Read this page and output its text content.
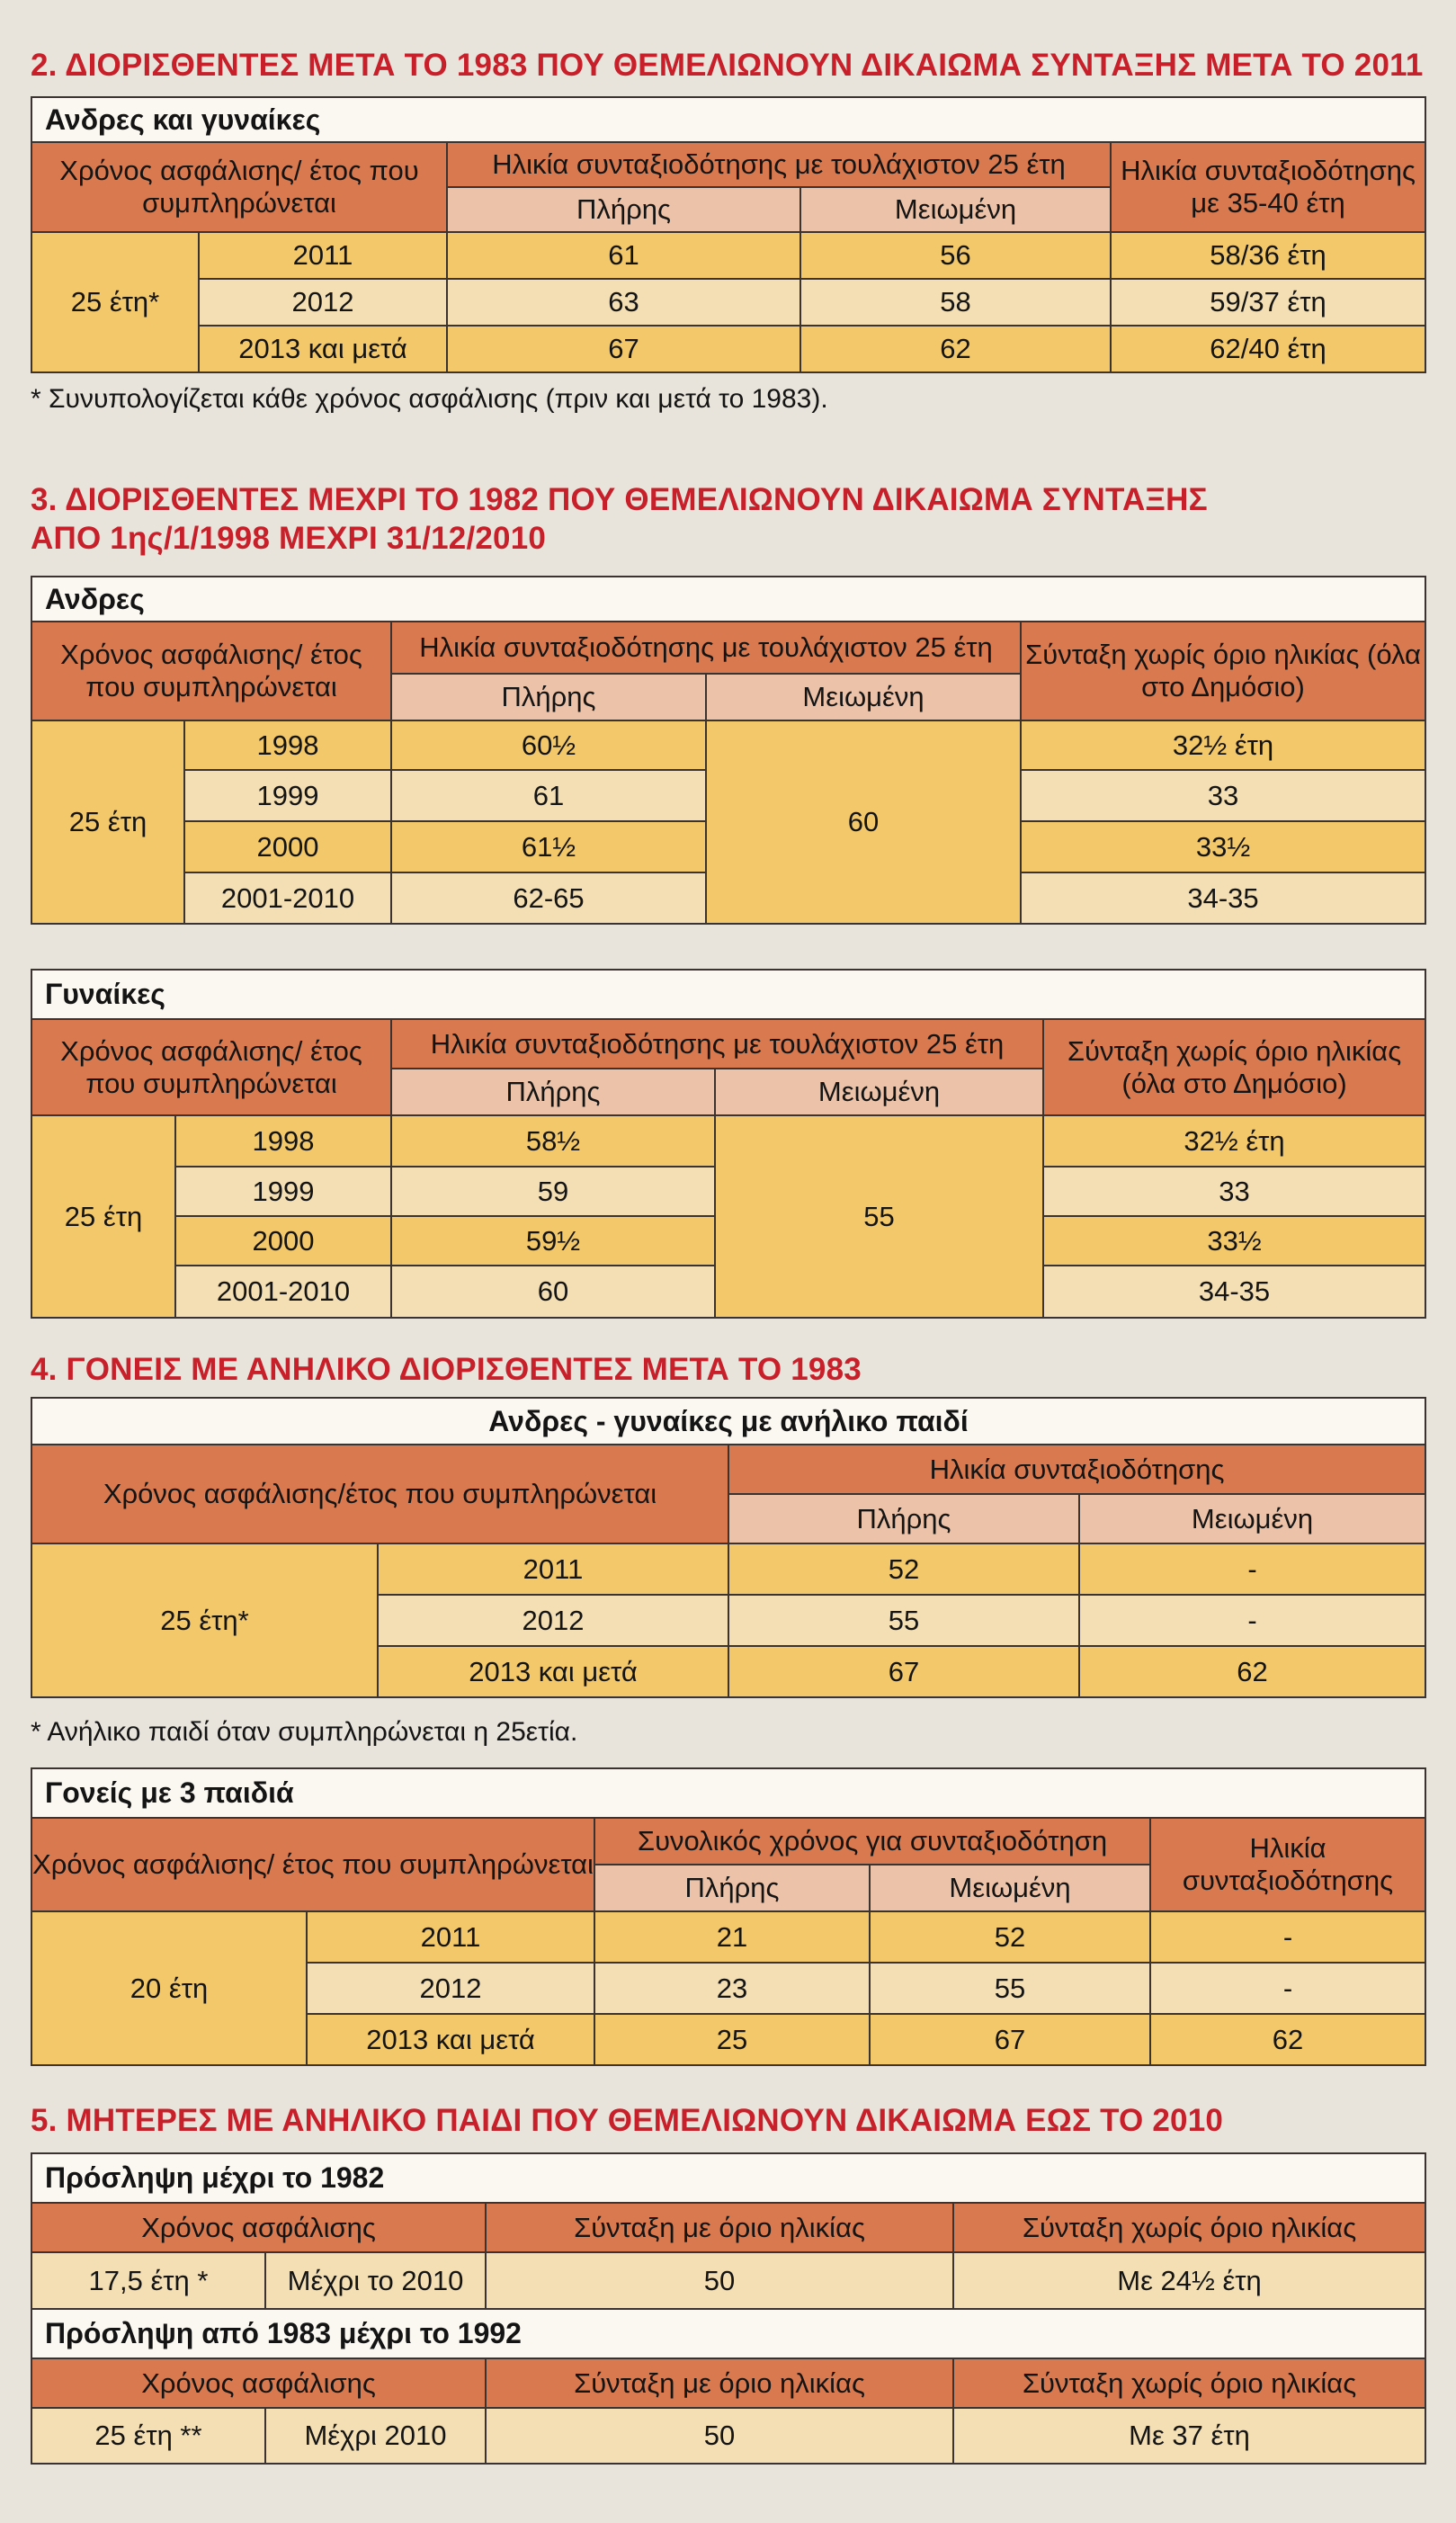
2. ΔΙΟΡΙΣΘΕΝΤΕΣ ΜΕΤΑ ΤΟ 1983 ΠΟΥ ΘΕΜΕΛΙΩΝΟΥΝ ΔΙΚΑΙΩΜΑ ΣΥΝΤΑΞΗΣ ΜΕΤΑ ΤΟ 2011
Ανδρες και γυναίκες				
Χρόνος ασφάλισης/ έτος που συμπληρώνεται		Ηλικία συνταξιοδότησης με τουλάχιστον 25 έτη		Ηλικία συνταξιοδότησης με 35-40 έτη
		Πλήρης	Μειωμένη	
25 έτη*	2011	61	56	58/36 έτη
	2012	63	58	59/37 έτη
	2013 και μετά	67	62	62/40 έτη
* Συνυπολογίζεται κάθε χρόνος ασφάλισης (πριν και μετά το 1983).
3. ΔΙΟΡΙΣΘΕΝΤΕΣ ΜΕΧΡΙ ΤΟ 1982 ΠΟΥ ΘΕΜΕΛΙΩΝΟΥΝ ΔΙΚΑΙΩΜΑ ΣΥΝΤΑΞΗΣ
ΑΠΟ 1ης/1/1998 ΜΕΧΡΙ 31/12/2010
Ανδρες				
Χρόνος ασφάλισης/ έτος που συμπληρώνεται		Ηλικία συνταξιοδότησης με τουλάχιστον 25 έτη		Σύνταξη χωρίς όριο ηλικίας (όλα στο Δημόσιο)
		Πλήρης	Μειωμένη	
25 έτη	1998	60½	60	32½ έτη
	1999	61		33
	2000	61½		33½
	2001-2010	62-65		34-35
Γυναίκες				
Χρόνος ασφάλισης/ έτος που συμπληρώνεται		Ηλικία συνταξιοδότησης με τουλάχιστον 25 έτη		Σύνταξη χωρίς όριο ηλικίας (όλα στο Δημόσιο)
		Πλήρης	Μειωμένη	
25 έτη	1998	58½	55	32½ έτη
	1999	59		33
	2000	59½		33½
	2001-2010	60		34-35
4. ΓΟΝΕΙΣ ΜΕ ΑΝΗΛΙΚΟ ΔΙΟΡΙΣΘΕΝΤΕΣ ΜΕΤΑ ΤΟ 1983
Ανδρες - γυναίκες με ανήλικο παιδί			
Χρόνος ασφάλισης/έτος που συμπληρώνεται		Ηλικία συνταξιοδότησης	
		Πλήρης	Μειωμένη
25 έτη*	2011	52	-
	2012	55	-
	2013 και μετά	67	62
* Ανήλικο παιδί όταν συμπληρώνεται η 25ετία.
Γονείς με 3 παιδιά				
Χρόνος ασφάλισης/ έτος που συμπληρώνεται		Συνολικός χρόνος για συνταξιοδότηση		Ηλικία συνταξιοδότησης
		Πλήρης	Μειωμένη	
20 έτη	2011	21	52	-
	2012	23	55	-
	2013 και μετά	25	67	62
5. ΜΗΤΕΡΕΣ ΜΕ ΑΝΗΛΙΚΟ ΠΑΙΔΙ ΠΟΥ ΘΕΜΕΛΙΩΝΟΥΝ ΔΙΚΑΙΩΜΑ ΕΩΣ ΤΟ 2010
Πρόσληψη μέχρι το 1982			
Χρόνος ασφάλισης		Σύνταξη με όριο ηλικίας	Σύνταξη χωρίς όριο ηλικίας
17,5 έτη *	Μέχρι το 2010	50	Με 24½ έτη
Πρόσληψη από 1983 μέχρι το 1992			
Χρόνος ασφάλισης		Σύνταξη με όριο ηλικίας	Σύνταξη χωρίς όριο ηλικίας
25 έτη **	Μέχρι 2010	50	Με 37 έτη
